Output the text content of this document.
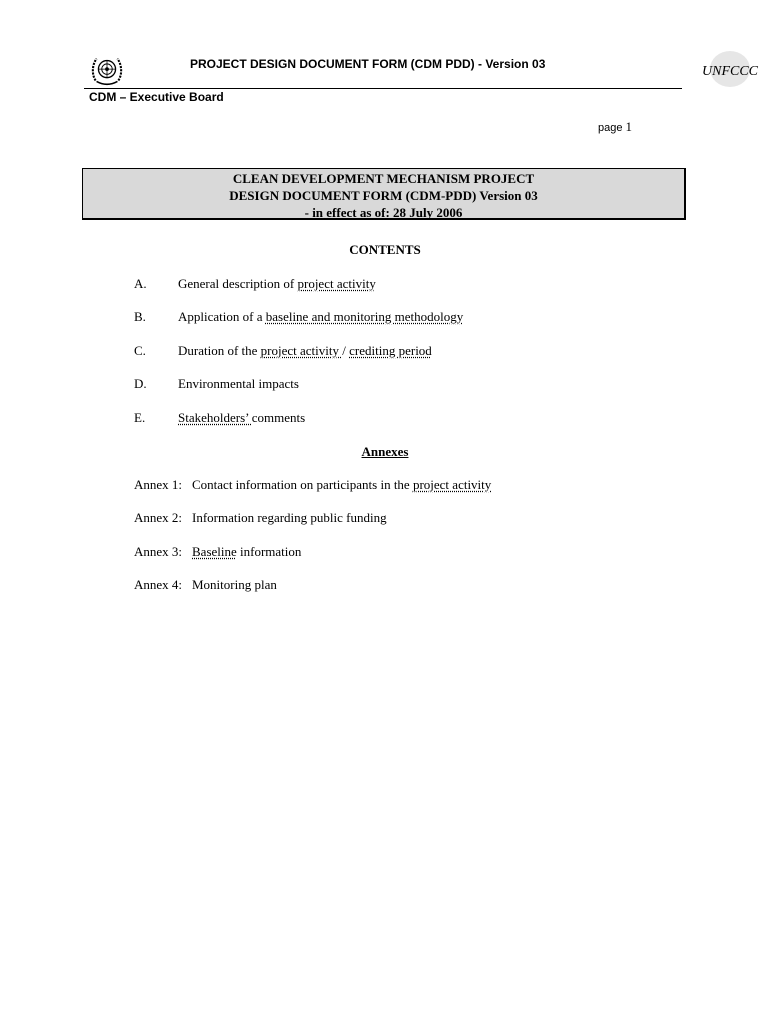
PROJECT DESIGN DOCUMENT FORM (CDM PDD) - Version 03	UNFCCC
CDM – Executive Board
page 1
CLEAN DEVELOPMENT MECHANISM PROJECT
DESIGN DOCUMENT FORM (CDM-PDD) Version 03
- in effect as of: 28 July 2006
CONTENTS
A. General description of project activity
B. Application of a baseline and monitoring methodology
C. Duration of the project activity / crediting period
D. Environmental impacts
E.	Stakeholders’ comments
Annexes
Annex 1: Contact information on participants in the project activity
Annex 2: Information regarding public funding
Annex 3: Baseline information
Annex 4: Monitoring plan
